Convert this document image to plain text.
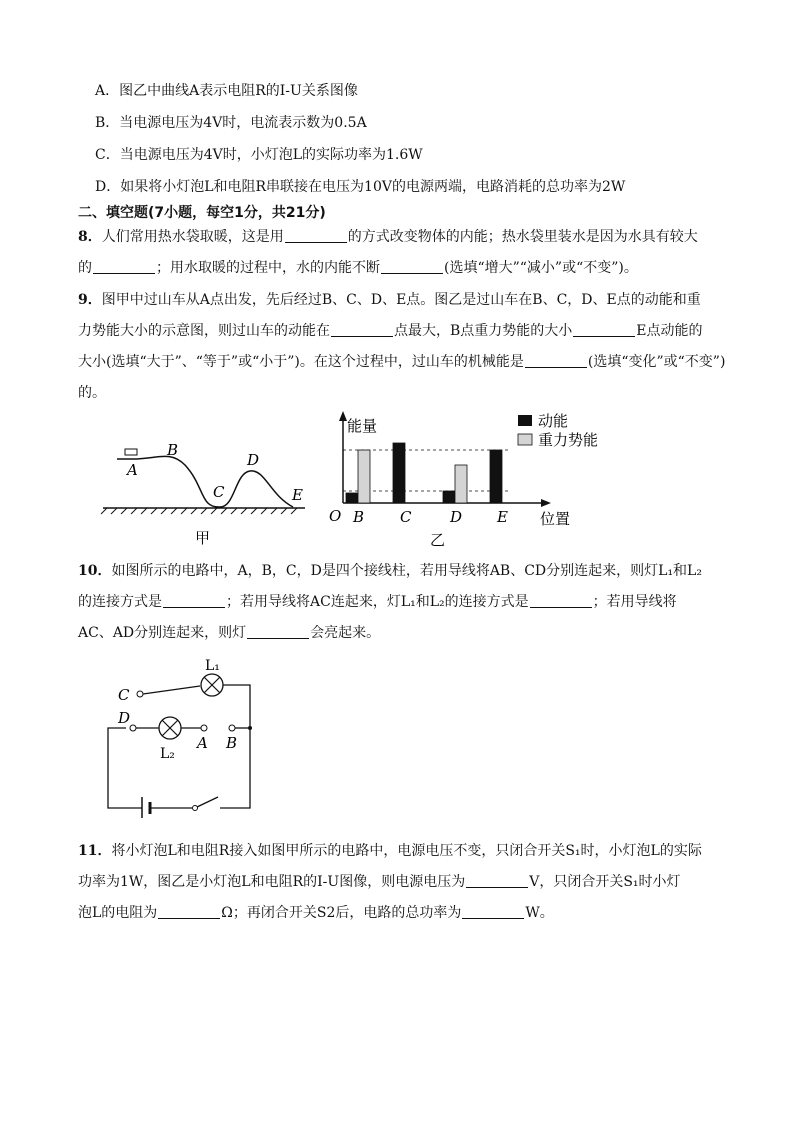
A．图乙中曲线A表示电阻R的I-U关系图像
B．当电源电压为4V时，电流表示数为0.5A
C．当电源电压为4V时，小灯泡L的实际功率为1.6W
D．如果将小灯泡L和电阻R串联接在电压为10V的电源两端，电路消耗的总功率为2W
二、填空题(7小题，每空1分，共21分)
8．人们常用热水袋取暖，这是用	的方式改变物体的内能；热水袋里装水是因为水具有较大
的	；用水取暖的过程中，水的内能不断	(选填“增大”“减小”或“不变”)。
9．图甲中过山车从A点出发，先后经过B、C、D、E点。图乙是过山车在B、C，D、E点的动能和重
力势能大小的示意图，则过山车的动能在	点最大，B点重力势能的大小	E点动能的
大小(选填“大于”、“等于”或“小于”)。在这个过程中，过山车的机械能是	(选填“变化”或“不变”)
的。
A
B
C
D
E
甲
能量
位置
O
动能
重力势能
B C	D E
乙
10．如图所示的电路中，A，B，C，D是四个接线柱，若用导线将AB、CD分别连起来，则灯L₁和L₂
的连接方式是	；若用导线将AC连起来，灯L₁和L₂的连接方式是	；若用导线将
AC、AD分别连起来，则灯	会亮起来。
L₁
C
D
L₂
A B
11．将小灯泡L和电阻R接入如图甲所示的电路中，电源电压不变，只闭合开关S₁时，小灯泡L的实际
功率为1W，图乙是小灯泡L和电阻R的I-U图像，则电源电压为	V，只闭合开关S₁时小灯
泡L的电阻为	Ω；再闭合开关S2后，电路的总功率为	W。
